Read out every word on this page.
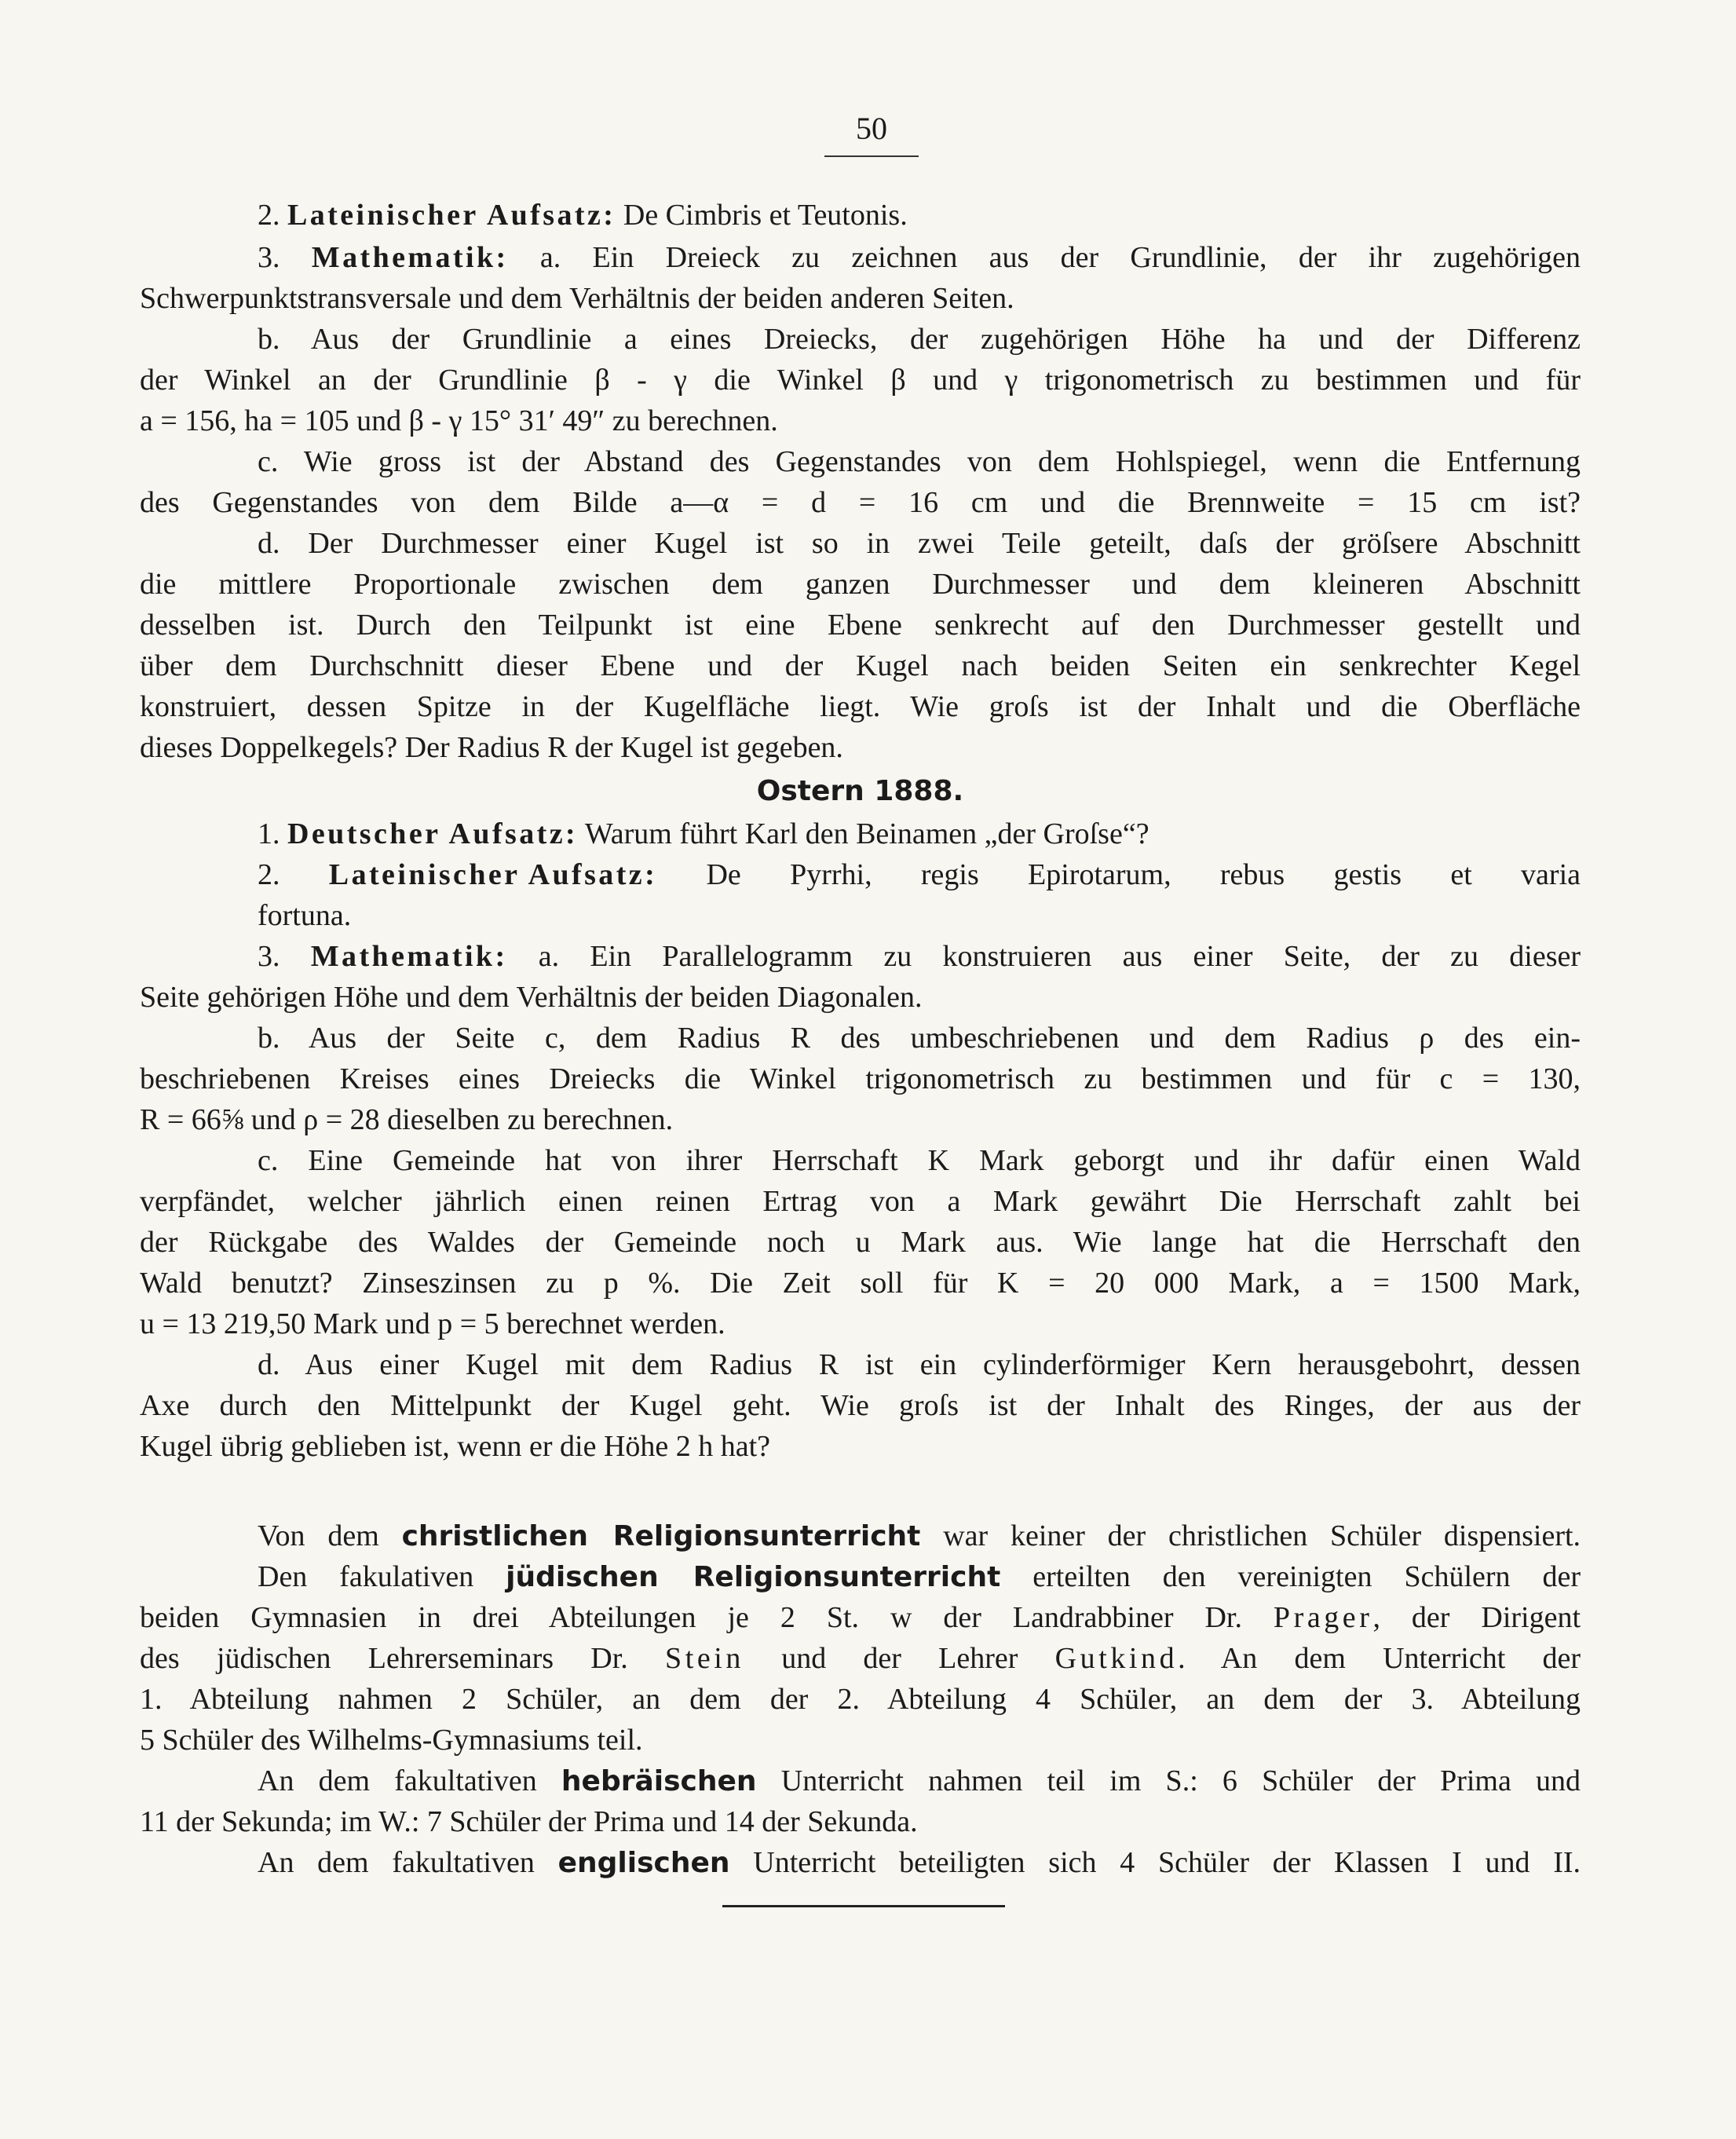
50
2. Lateinischer Aufsatz: De Cimbris et Teutonis.
3. Mathematik: a. Ein Dreieck zu zeichnen aus der Grundlinie, der ihr zugehörigen
Schwerpunktstransversale und dem Verhältnis der beiden anderen Seiten.
b. Aus der Grundlinie a eines Dreiecks, der zugehörigen Höhe ha und der Differenz
der Winkel an der Grundlinie β - γ die Winkel β und γ trigonometrisch zu bestimmen und für
a = 156, ha = 105 und β - γ 15° 31′ 49″ zu berechnen.
c. Wie gross ist der Abstand des Gegenstandes von dem Hohlspiegel, wenn die Entfernung
des Gegenstandes von dem Bilde a—α = d = 16 cm und die Brennweite = 15 cm ist?
d. Der Durchmesser einer Kugel ist so in zwei Teile geteilt, daſs der gröſsere Abschnitt
die mittlere Proportionale zwischen dem ganzen Durchmesser und dem kleineren Abschnitt
desselben ist. Durch den Teilpunkt ist eine Ebene senkrecht auf den Durchmesser gestellt und
über dem Durchschnitt dieser Ebene und der Kugel nach beiden Seiten ein senkrechter Kegel
konstruiert, dessen Spitze in der Kugelfläche liegt. Wie groſs ist der Inhalt und die Oberfläche
dieses Doppelkegels? Der Radius R der Kugel ist gegeben.
Ostern 1888.
1. Deutscher Aufsatz: Warum führt Karl den Beinamen „der Groſse“?
2. Lateinischer Aufsatz: De Pyrrhi, regis Epirotarum, rebus gestis et varia
fortuna.
3. Mathematik: a. Ein Parallelogramm zu konstruieren aus einer Seite, der zu dieser
Seite gehörigen Höhe und dem Verhältnis der beiden Diagonalen.
b. Aus der Seite c, dem Radius R des umbeschriebenen und dem Radius ρ des ein-
beschriebenen Kreises eines Dreiecks die Winkel trigonometrisch zu bestimmen und für c = 130,
R = 66⅝ und ρ = 28 dieselben zu berechnen.
c. Eine Gemeinde hat von ihrer Herrschaft K Mark geborgt und ihr dafür einen Wald
verpfändet, welcher jährlich einen reinen Ertrag von a Mark gewährt Die Herrschaft zahlt bei
der Rückgabe des Waldes der Gemeinde noch u Mark aus. Wie lange hat die Herrschaft den
Wald benutzt? Zinseszinsen zu p %. Die Zeit soll für K = 20 000 Mark, a = 1500 Mark,
u = 13 219,50 Mark und p = 5 berechnet werden.
d. Aus einer Kugel mit dem Radius R ist ein cylinderförmiger Kern herausgebohrt, dessen
Axe durch den Mittelpunkt der Kugel geht. Wie groſs ist der Inhalt des Ringes, der aus der
Kugel übrig geblieben ist, wenn er die Höhe 2 h hat?
Von dem christlichen Religionsunterricht war keiner der christlichen Schüler dispensiert.
Den fakulativen jüdischen Religionsunterricht erteilten den vereinigten Schülern der
beiden Gymnasien in drei Abteilungen je 2 St. w der Landrabbiner Dr. Prager, der Dirigent
des jüdischen Lehrerseminars Dr. Stein und der Lehrer Gutkind. An dem Unterricht der
1. Abteilung nahmen 2 Schüler, an dem der 2. Abteilung 4 Schüler, an dem der 3. Abteilung
5 Schüler des Wilhelms-Gymnasiums teil.
An dem fakultativen hebräischen Unterricht nahmen teil im S.: 6 Schüler der Prima und
11 der Sekunda; im W.: 7 Schüler der Prima und 14 der Sekunda.
An dem fakultativen englischen Unterricht beteiligten sich 4 Schüler der Klassen I und II.
